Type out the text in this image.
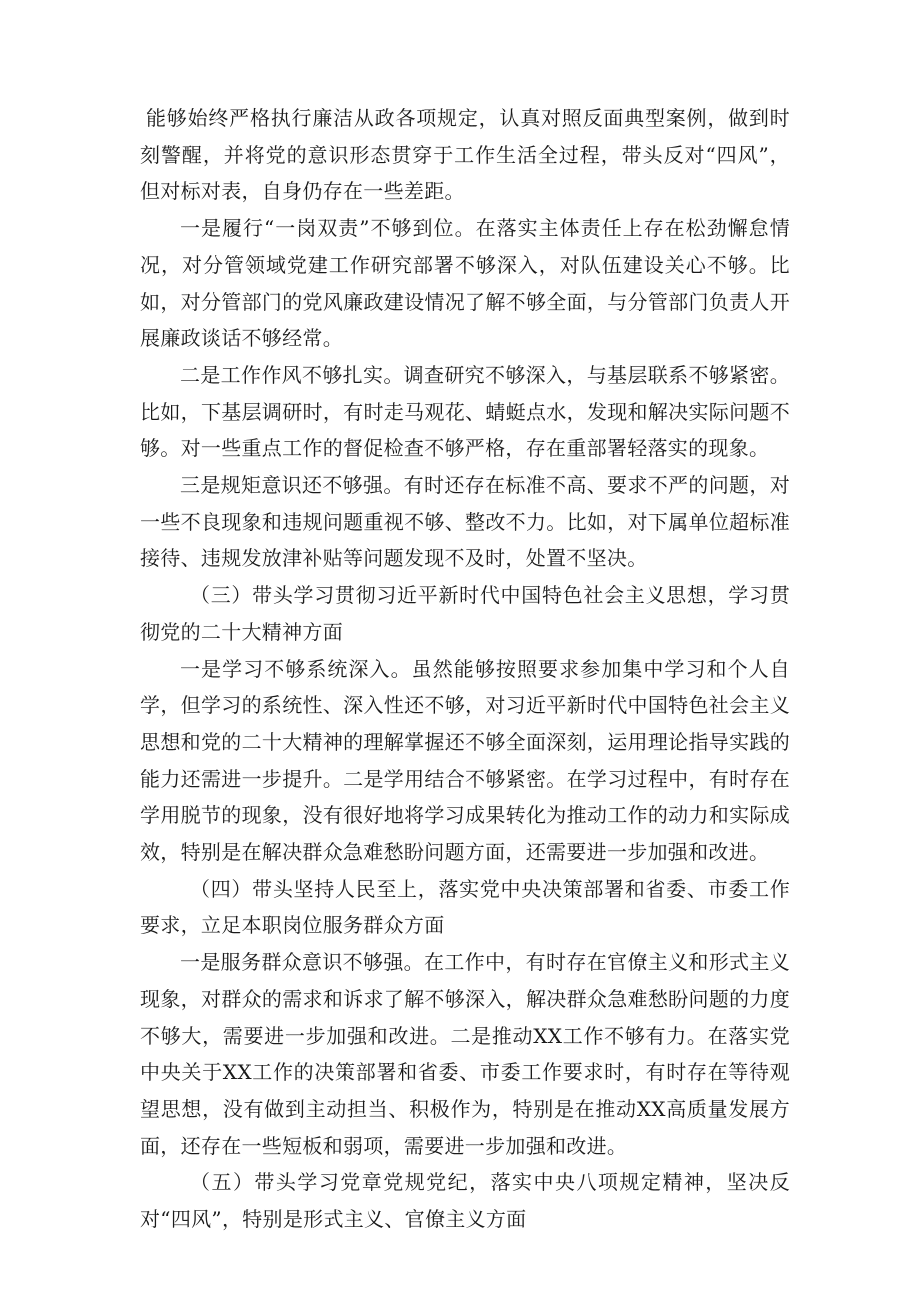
能够始终严格执行廉洁从政各项规定，认真对照反面典型案例，做到时刻警醒，并将党的意识形态贯穿于工作生活全过程，带头反对“四风”，但对标对表，自身仍存在一些差距。

一是履行“一岗双责”不够到位。在落实主体责任上存在松劲懈怠情况，对分管领域党建工作研究部署不够深入，对队伍建设关心不够。比如，对分管部门的党风廉政建设情况了解不够全面，与分管部门负责人开展廉政谈话不够经常。

二是工作作风不够扎实。调查研究不够深入，与基层联系不够紧密。比如，下基层调研时，有时走马观花、蜻蜓点水，发现和解决实际问题不够。对一些重点工作的督促检查不够严格，存在重部署轻落实的现象。

三是规矩意识还不够强。有时还存在标准不高、要求不严的问题，对一些不良现象和违规问题重视不够、整改不力。比如，对下属单位超标准接待、违规发放津补贴等问题发现不及时，处置不坚决。

（三）带头学习贯彻习近平新时代中国特色社会主义思想，学习贯彻党的二十大精神方面

一是学习不够系统深入。虽然能够按照要求参加集中学习和个人自学，但学习的系统性、深入性还不够，对习近平新时代中国特色社会主义思想和党的二十大精神的理解掌握还不够全面深刻，运用理论指导实践的能力还需进一步提升。二是学用结合不够紧密。在学习过程中，有时存在学用脱节的现象，没有很好地将学习成果转化为推动工作的动力和实际成效，特别是在解决群众急难愁盼问题方面，还需要进一步加强和改进。

（四）带头坚持人民至上，落实党中央决策部署和省委、市委工作要求，立足本职岗位服务群众方面

一是服务群众意识不够强。在工作中，有时存在官僚主义和形式主义现象，对群众的需求和诉求了解不够深入，解决群众急难愁盼问题的力度不够大，需要进一步加强和改进。二是推动XX工作不够有力。在落实党中央关于XX工作的决策部署和省委、市委工作要求时，有时存在等待观望思想，没有做到主动担当、积极作为，特别是在推动XX高质量发展方面，还存在一些短板和弱项，需要进一步加强和改进。

（五）带头学习党章党规党纪，落实中央八项规定精神，坚决反对“四风”，特别是形式主义、官僚主义方面
